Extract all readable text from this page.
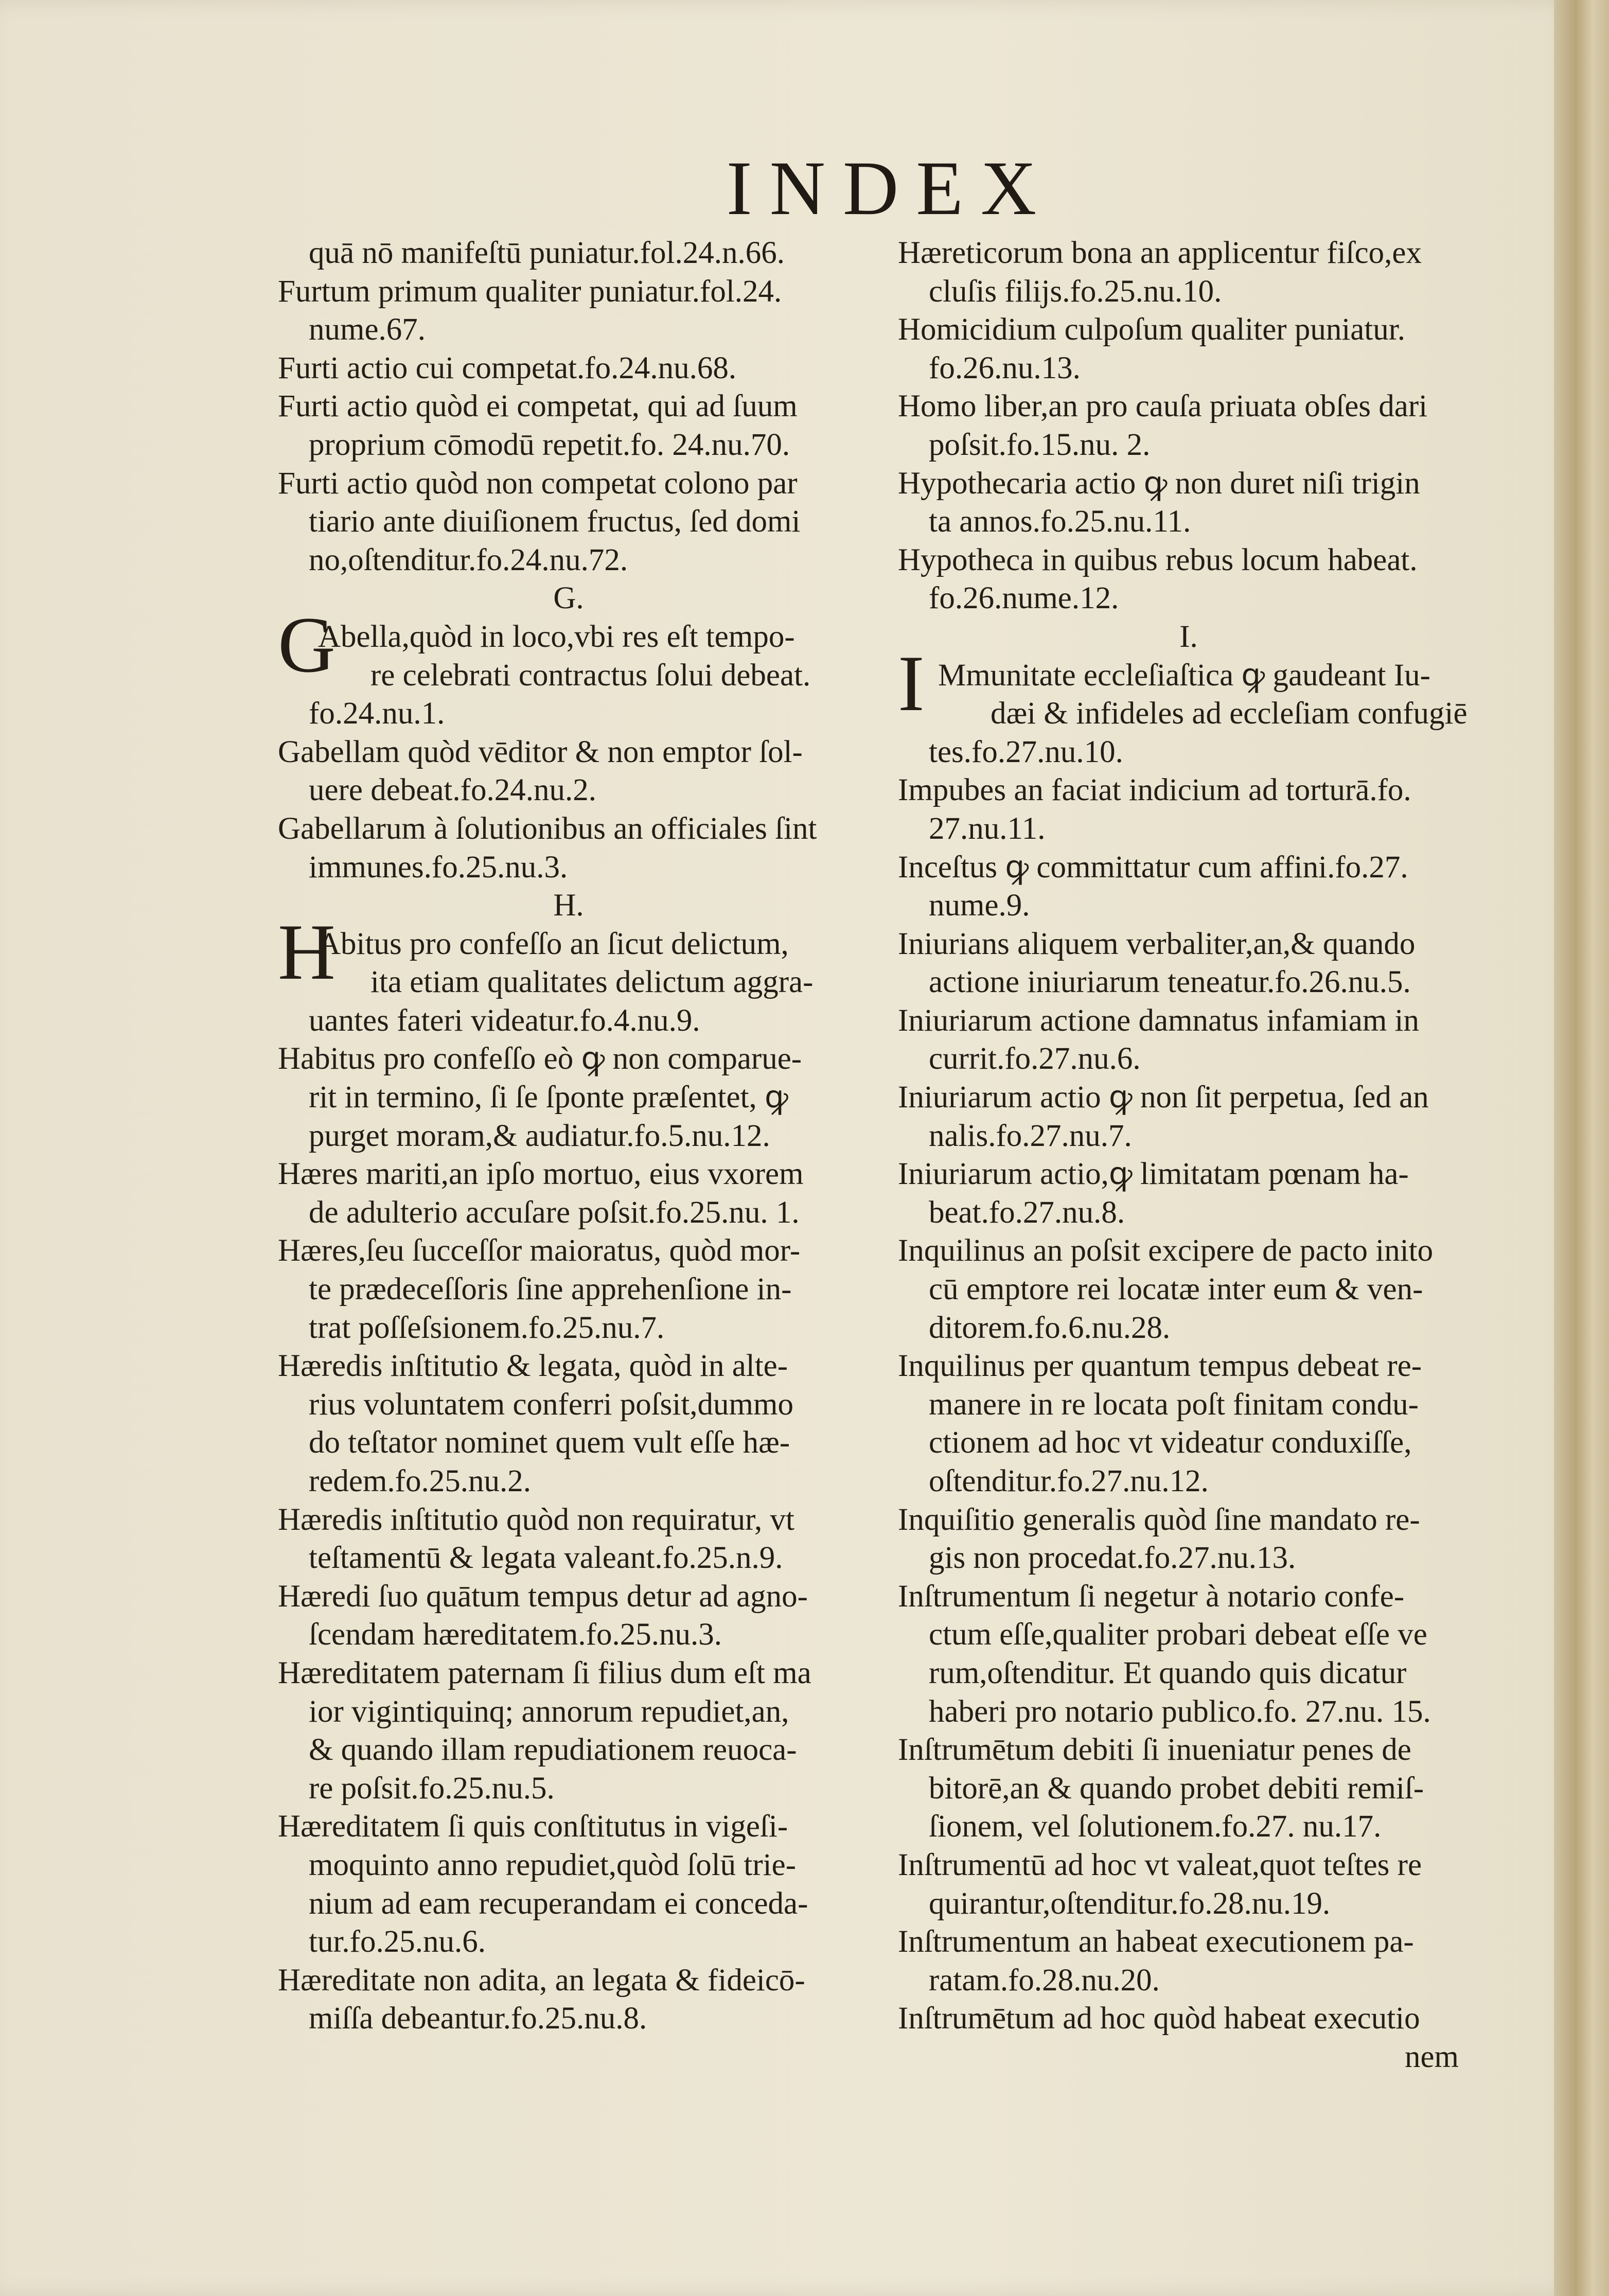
INDEX
quā nō manifeſtū puniatur.fol.24.n.66.
Furtum primum qualiter puniatur.fol.24.
nume.67.
Furti actio cui competat.fo.24.nu.68.
Furti actio quòd ei competat, qui ad ſuum
proprium cōmodū repetit.fo. 24.nu.70.
Furti actio quòd non competat colono par
tiario ante diuiſionem fructus, ſed domi
no,oſtenditur.fo.24.nu.72.
G.
GAbella,quòd in loco,vbi res eſt tempo-
re celebrati contractus ſolui debeat.
fo.24.nu.1.
Gabellam quòd vēditor & non emptor ſol-
uere debeat.fo.24.nu.2.
Gabellarum à ſolutionibus an officiales ſint
immunes.fo.25.nu.3.
H.
HAbitus pro confeſſo an ſicut delictum,
ita etiam qualitates delictum aggra-
uantes fateri videatur.fo.4.nu.9.
Habitus pro confeſſo eò ꝙ non comparue-
rit in termino, ſi ſe ſponte præſentet, ꝙ
purget moram,& audiatur.fo.5.nu.12.
Hæres mariti,an ipſo mortuo, eius vxorem
de adulterio accuſare poſsit.fo.25.nu. 1.
Hæres,ſeu ſucceſſor maioratus, quòd mor-
te prædeceſſoris ſine apprehenſione in-
trat poſſeſsionem.fo.25.nu.7.
Hæredis inſtitutio & legata, quòd in alte-
rius voluntatem conferri poſsit,dummo
do teſtator nominet quem vult eſſe hæ-
redem.fo.25.nu.2.
Hæredis inſtitutio quòd non requiratur, vt
teſtamentū & legata valeant.fo.25.n.9.
Hæredi ſuo quātum tempus detur ad agno-
ſcendam hæreditatem.fo.25.nu.3.
Hæreditatem paternam ſi filius dum eſt ma
ior vigintiquinq; annorum repudiet,an,
& quando illam repudiationem reuoca-
re poſsit.fo.25.nu.5.
Hæreditatem ſi quis conſtitutus in vigeſi-
moquinto anno repudiet,quòd ſolū trie-
nium ad eam recuperandam ei conceda-
tur.fo.25.nu.6.
Hæreditate non adita, an legata & fideicō-
miſſa debeantur.fo.25.nu.8.
Hæreticorum bona an applicentur fiſco,ex
cluſis filijs.fo.25.nu.10.
Homicidium culpoſum qualiter puniatur.
fo.26.nu.13.
Homo liber,an pro cauſa priuata obſes dari
poſsit.fo.15.nu. 2.
Hypothecaria actio ꝙ non duret niſi trigin
ta annos.fo.25.nu.11.
Hypotheca in quibus rebus locum habeat.
fo.26.nume.12.
I.
I Mmunitate eccleſiaſtica ꝙ gaudeant Iu-
dæi & infideles ad eccleſiam confugiē
tes.fo.27.nu.10.
Impubes an faciat indicium ad torturā.fo.
27.nu.11.
Inceſtus ꝙ committatur cum affini.fo.27.
nume.9.
Iniurians aliquem verbaliter,an,& quando
actione iniuriarum teneatur.fo.26.nu.5.
Iniuriarum actione damnatus infamiam in
currit.fo.27.nu.6.
Iniuriarum actio ꝙ non ſit perpetua, ſed an
nalis.fo.27.nu.7.
Iniuriarum actio,ꝙ limitatam pœnam ha-
beat.fo.27.nu.8.
Inquilinus an poſsit excipere de pacto inito
cū emptore rei locatæ inter eum & ven-
ditorem.fo.6.nu.28.
Inquilinus per quantum tempus debeat re-
manere in re locata poſt finitam condu-
ctionem ad hoc vt videatur conduxiſſe,
oſtenditur.fo.27.nu.12.
Inquiſitio generalis quòd ſine mandato re-
gis non procedat.fo.27.nu.13.
Inſtrumentum ſi negetur à notario confe-
ctum eſſe,qualiter probari debeat eſſe ve
rum,oſtenditur. Et quando quis dicatur
haberi pro notario publico.fo. 27.nu. 15.
Inſtrumētum debiti ſi inueniatur penes de
bitorē,an & quando probet debiti remiſ-
ſionem, vel ſolutionem.fo.27. nu.17.
Inſtrumentū ad hoc vt valeat,quot teſtes re
quirantur,oſtenditur.fo.28.nu.19.
Inſtrumentum an habeat executionem pa-
ratam.fo.28.nu.20.
Inſtrumētum ad hoc quòd habeat executio
nem
